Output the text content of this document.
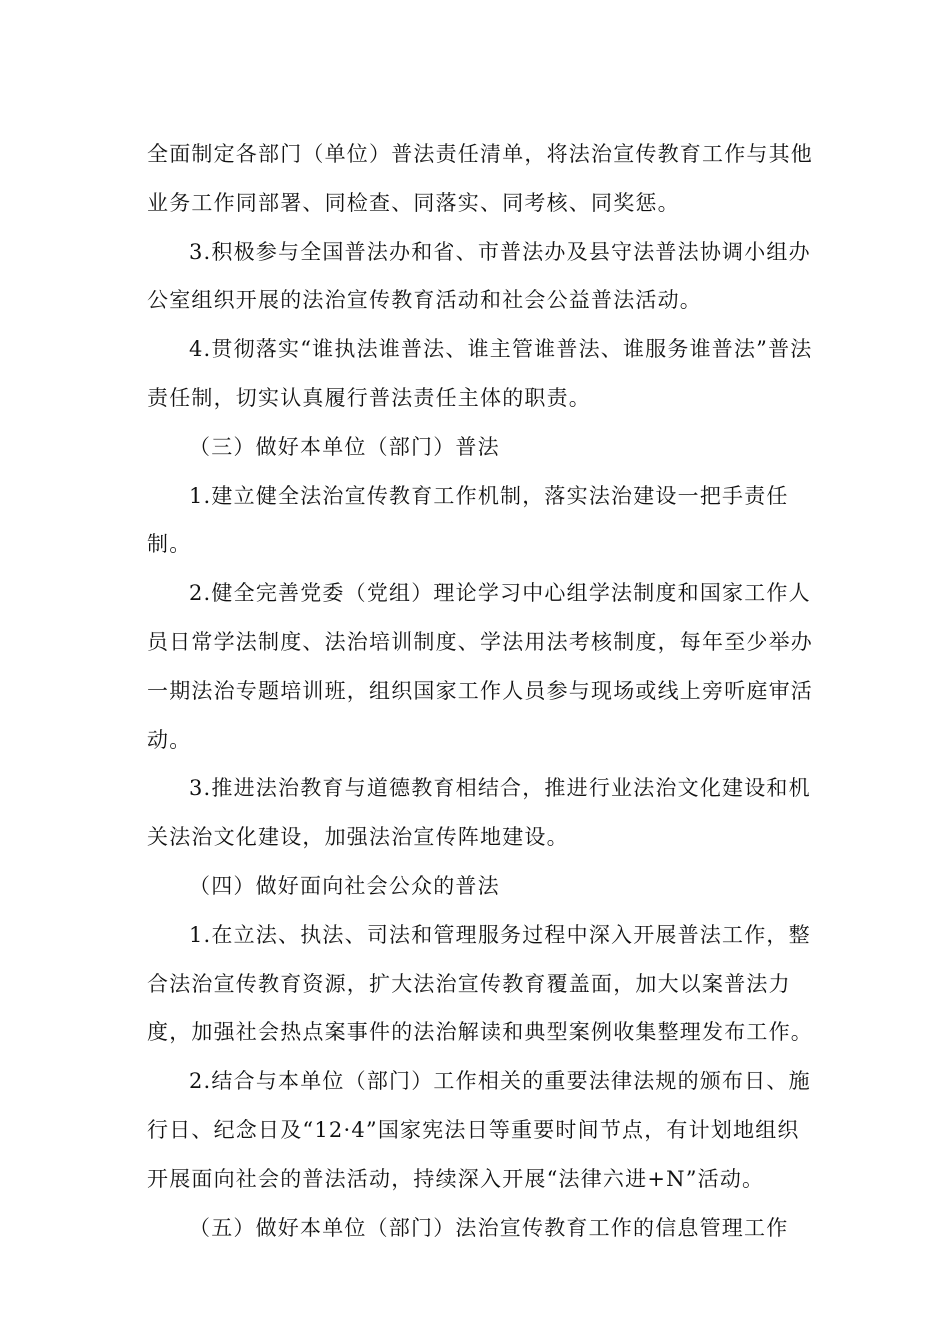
全面制定各部门（单位）普法责任清单，将法治宣传教育工作与其他业务工作同部署、同检查、同落实、同考核、同奖惩。

3.积极参与全国普法办和省、市普法办及县守法普法协调小组办公室组织开展的法治宣传教育活动和社会公益普法活动。

4.贯彻落实“谁执法谁普法、谁主管谁普法、谁服务谁普法”普法责任制，切实认真履行普法责任主体的职责。

（三）做好本单位（部门）普法

1.建立健全法治宣传教育工作机制，落实法治建设一把手责任制。

2.健全完善党委（党组）理论学习中心组学法制度和国家工作人员日常学法制度、法治培训制度、学法用法考核制度，每年至少举办一期法治专题培训班，组织国家工作人员参与现场或线上旁听庭审活动。

3.推进法治教育与道德教育相结合，推进行业法治文化建设和机关法治文化建设，加强法治宣传阵地建设。

（四）做好面向社会公众的普法

1.在立法、执法、司法和管理服务过程中深入开展普法工作，整合法治宣传教育资源，扩大法治宣传教育覆盖面，加大以案普法力度，加强社会热点案事件的法治解读和典型案例收集整理发布工作。

2.结合与本单位（部门）工作相关的重要法律法规的颁布日、施行日、纪念日及“12·4”国家宪法日等重要时间节点，有计划地组织开展面向社会的普法活动，持续深入开展“法律六进+N”活动。

（五）做好本单位（部门）法治宣传教育工作的信息管理工作
